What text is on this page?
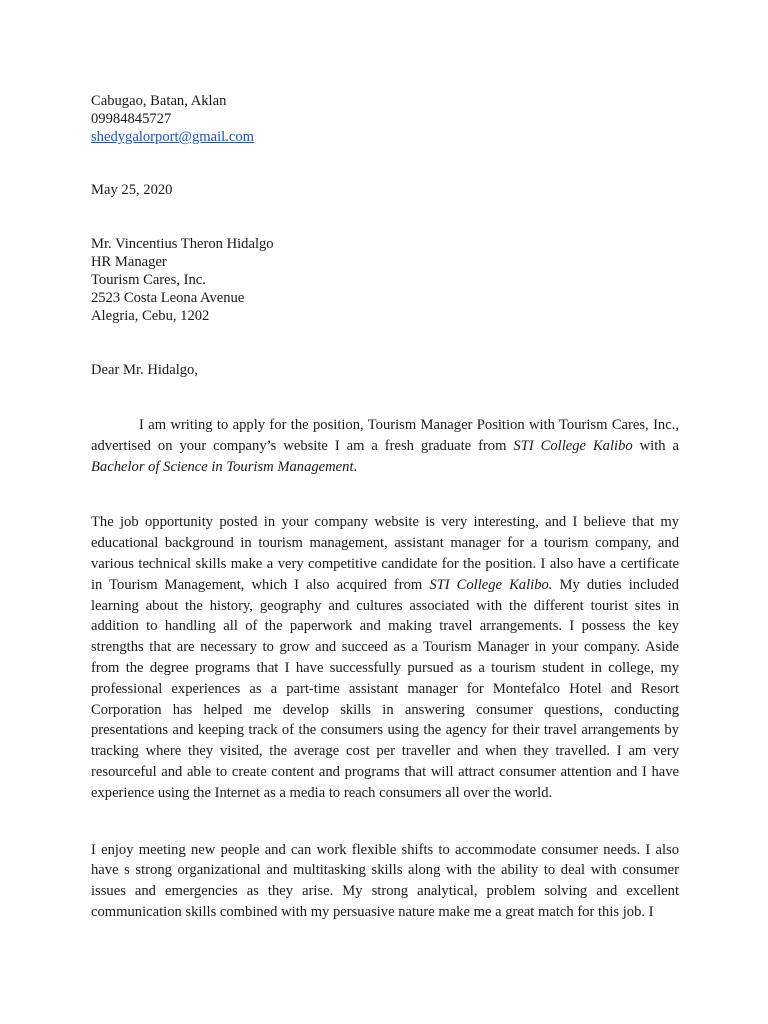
Cabugao, Batan, Aklan
09984845727
shedygalorport@gmail.com
May 25, 2020
Mr. Vincentius Theron Hidalgo
HR Manager
Tourism Cares, Inc.
2523 Costa Leona Avenue
Alegria, Cebu, 1202
Dear Mr. Hidalgo,
I am writing to apply for the position, Tourism Manager Position with Tourism Cares, Inc., advertised on your company’s website I am a fresh graduate from STI College Kalibo with a Bachelor of Science in Tourism Management.
The job opportunity posted in your company website is very interesting, and I believe that my educational background in tourism management, assistant manager for a tourism company, and various technical skills make a very competitive candidate for the position. I also have a certificate in Tourism Management, which I also acquired from STI College Kalibo. My duties included learning about the history, geography and cultures associated with the different tourist sites in addition to handling all of the paperwork and making travel arrangements. I possess the key strengths that are necessary to grow and succeed as a Tourism Manager in your company. Aside from the degree programs that I have successfully pursued as a tourism student in college, my professional experiences as a part-time assistant manager for Montefalco Hotel and Resort Corporation has helped me develop skills in answering consumer questions, conducting presentations and keeping track of the consumers using the agency for their travel arrangements by tracking where they visited, the average cost per traveller and when they travelled. I am very resourceful and able to create content and programs that will attract consumer attention and I have experience using the Internet as a media to reach consumers all over the world.
I enjoy meeting new people and can work flexible shifts to accommodate consumer needs. I also have s strong organizational and multitasking skills along with the ability to deal with consumer issues and emergencies as they arise. My strong analytical, problem solving and excellent communication skills combined with my persuasive nature make me a great match for this job. I
